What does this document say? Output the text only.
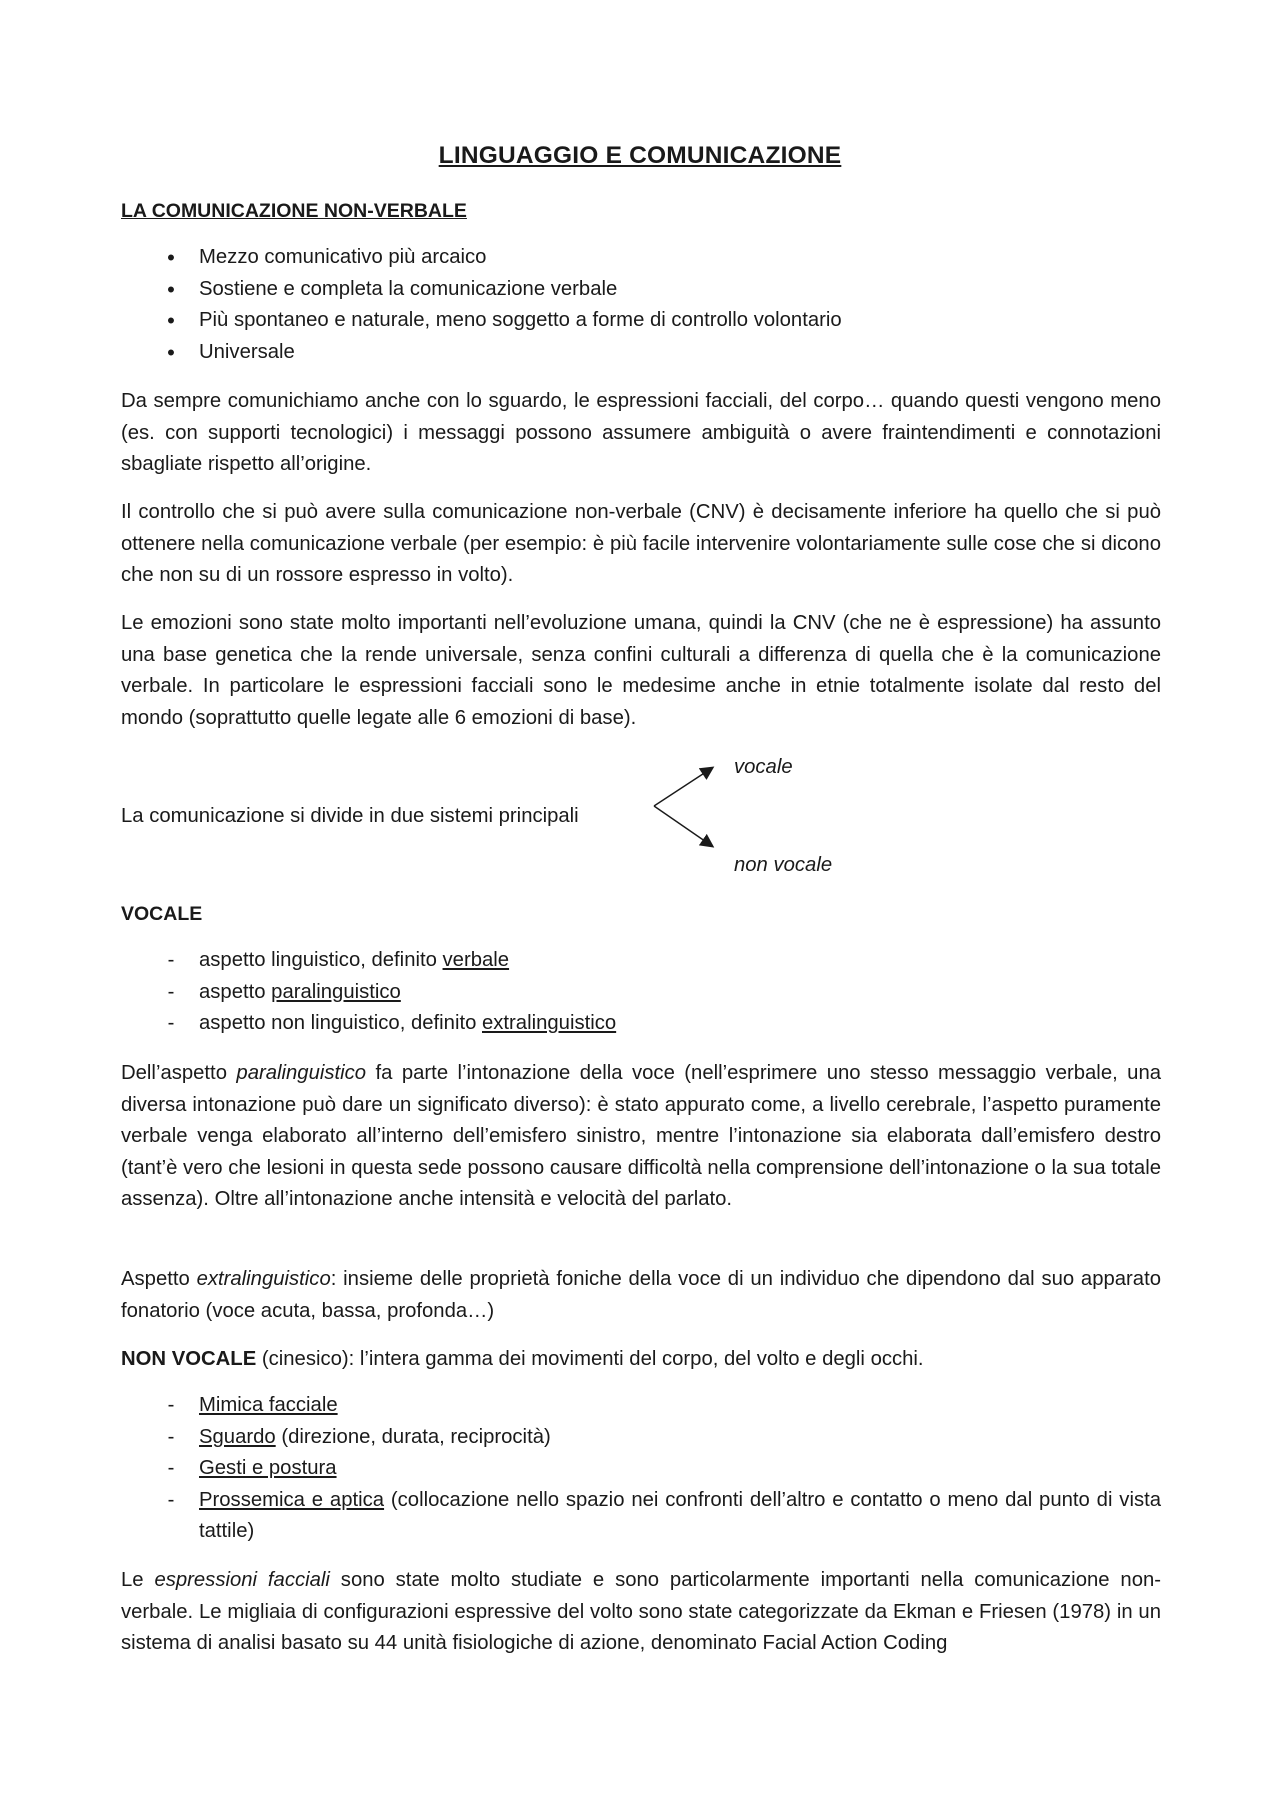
LINGUAGGIO E COMUNICAZIONE
LA COMUNICAZIONE NON-VERBALE
•	Mezzo comunicativo più arcaico
•	Sostiene e completa la comunicazione verbale
•	Più spontaneo e naturale, meno soggetto a forme di controllo volontario
•	Universale

Da sempre comunichiamo anche con lo sguardo, le espressioni facciali, del corpo… quando questi vengono meno (es. con supporti tecnologici) i messaggi possono assumere ambiguità o avere fraintendimenti e connotazioni sbagliate rispetto all’origine.

Il controllo che si può avere sulla comunicazione non-verbale (CNV) è decisamente inferiore ha quello che si può ottenere nella comunicazione verbale (per esempio: è più facile intervenire volontariamente sulle cose che si dicono che non su di un rossore espresso in volto).

Le emozioni sono state molto importanti nell’evoluzione umana, quindi la CNV (che ne è espressione) ha assunto una base genetica che la rende universale, senza confini culturali a differenza di quella che è la comunicazione verbale. In particolare le espressioni facciali sono le medesime anche in etnie totalmente isolate dal resto del mondo (soprattutto quelle legate alle 6 emozioni di base).

La comunicazione si divide in due sistemi principali
vocale
non vocale
VOCALE
-	aspetto linguistico, definito verbale
-	aspetto paralinguistico
-	aspetto non linguistico, definito extralinguistico

Dell’aspetto paralinguistico fa parte l’intonazione della voce (nell’esprimere uno stesso messaggio verbale, una diversa intonazione può dare un significato diverso): è stato appurato come, a livello cerebrale, l’aspetto puramente verbale venga elaborato all’interno dell’emisfero sinistro, mentre l’intonazione sia elaborata dall’emisfero destro (tant’è vero che lesioni in questa sede possono causare difficoltà nella comprensione dell’intonazione o la sua totale assenza). Oltre all’intonazione anche intensità e velocità del parlato.

Aspetto extralinguistico: insieme delle proprietà foniche della voce di un individuo che dipendono dal suo apparato fonatorio (voce acuta, bassa, profonda…)

NON VOCALE (cinesico): l’intera gamma dei movimenti del corpo, del volto e degli occhi.

-	Mimica facciale
-	Sguardo (direzione, durata, reciprocità)
-	Gesti e postura
-	Prossemica e aptica (collocazione nello spazio nei confronti dell’altro e contatto o meno dal punto di vista tattile)

Le espressioni facciali sono state molto studiate e sono particolarmente importanti nella comunicazione non-verbale. Le migliaia di configurazioni espressive del volto sono state categorizzate da Ekman e Friesen (1978) in un sistema di analisi basato su 44 unità fisiologiche di azione, denominato Facial Action Coding
